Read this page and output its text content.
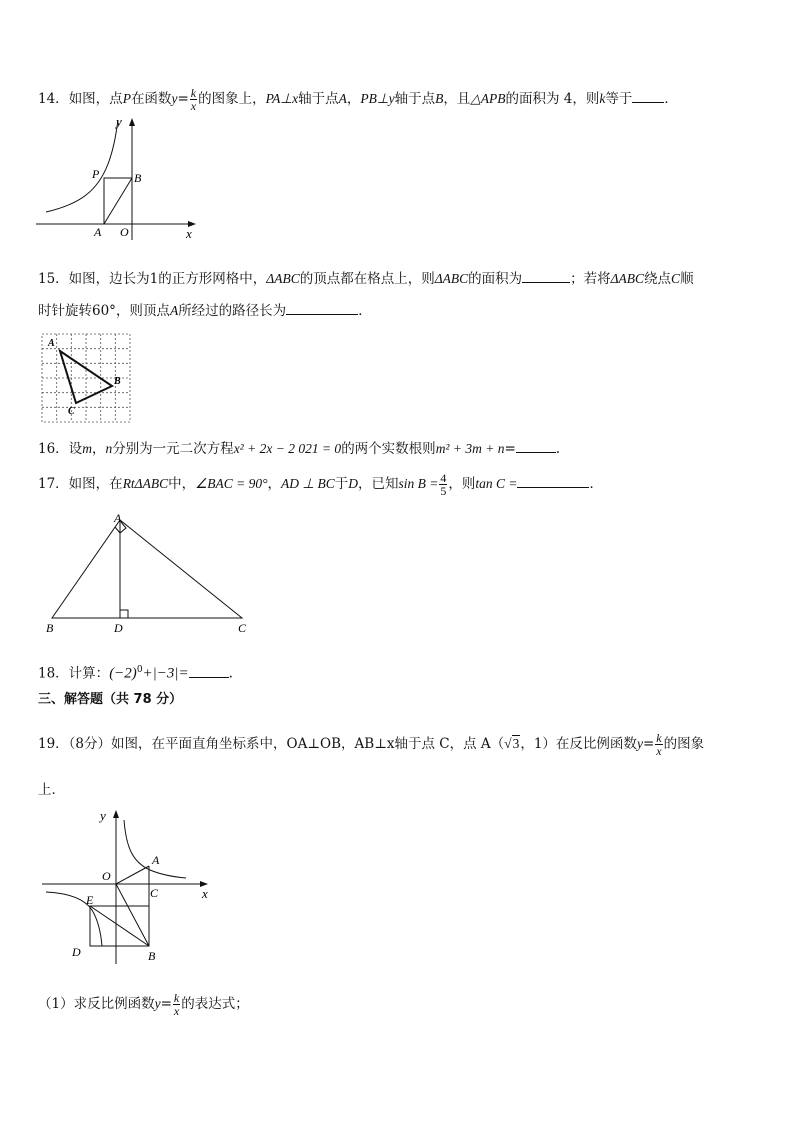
14．如图，点P在函数$y= \frac{k}{x}$ 的图象上，PA⊥x轴于点A，PB⊥y轴于点B，且△APB的面积为 4，则k等于 ．
y
x
P	B
A O
15．如图，边长为1的正方形网格中，ΔABC的顶点都在格点上，则ΔABC的面积为	；若将ΔABC绕点C顺
时针旋转60°，则顶点A所经过的路径长为	．
A
B
C
16．设m，n分别为一元二次方程x² + 2x − 2 021 = 0的两个实数根则m² + 3m + n=	.
17．如图，在RtΔABC中，∠BAC = 90°，AD ⊥ BC于D，已知$\sin B = \frac{4}{5}$ ，则tan C =	．
A
B	D	C
18．计算：$(-2)^0+|-3|=$	.
三、解答题（共 78 分）
19．（8分）如图，在平面直角坐标系中，OA⊥OB，AB⊥x轴于点 C，点 A（√3，1）在反比例函数$y= \frac{k}{x}$ 的图象
上．
y
A
O
C	x
E
D	B
（1）求反比例函数$y= \frac{k}{x}$ 的表达式；
